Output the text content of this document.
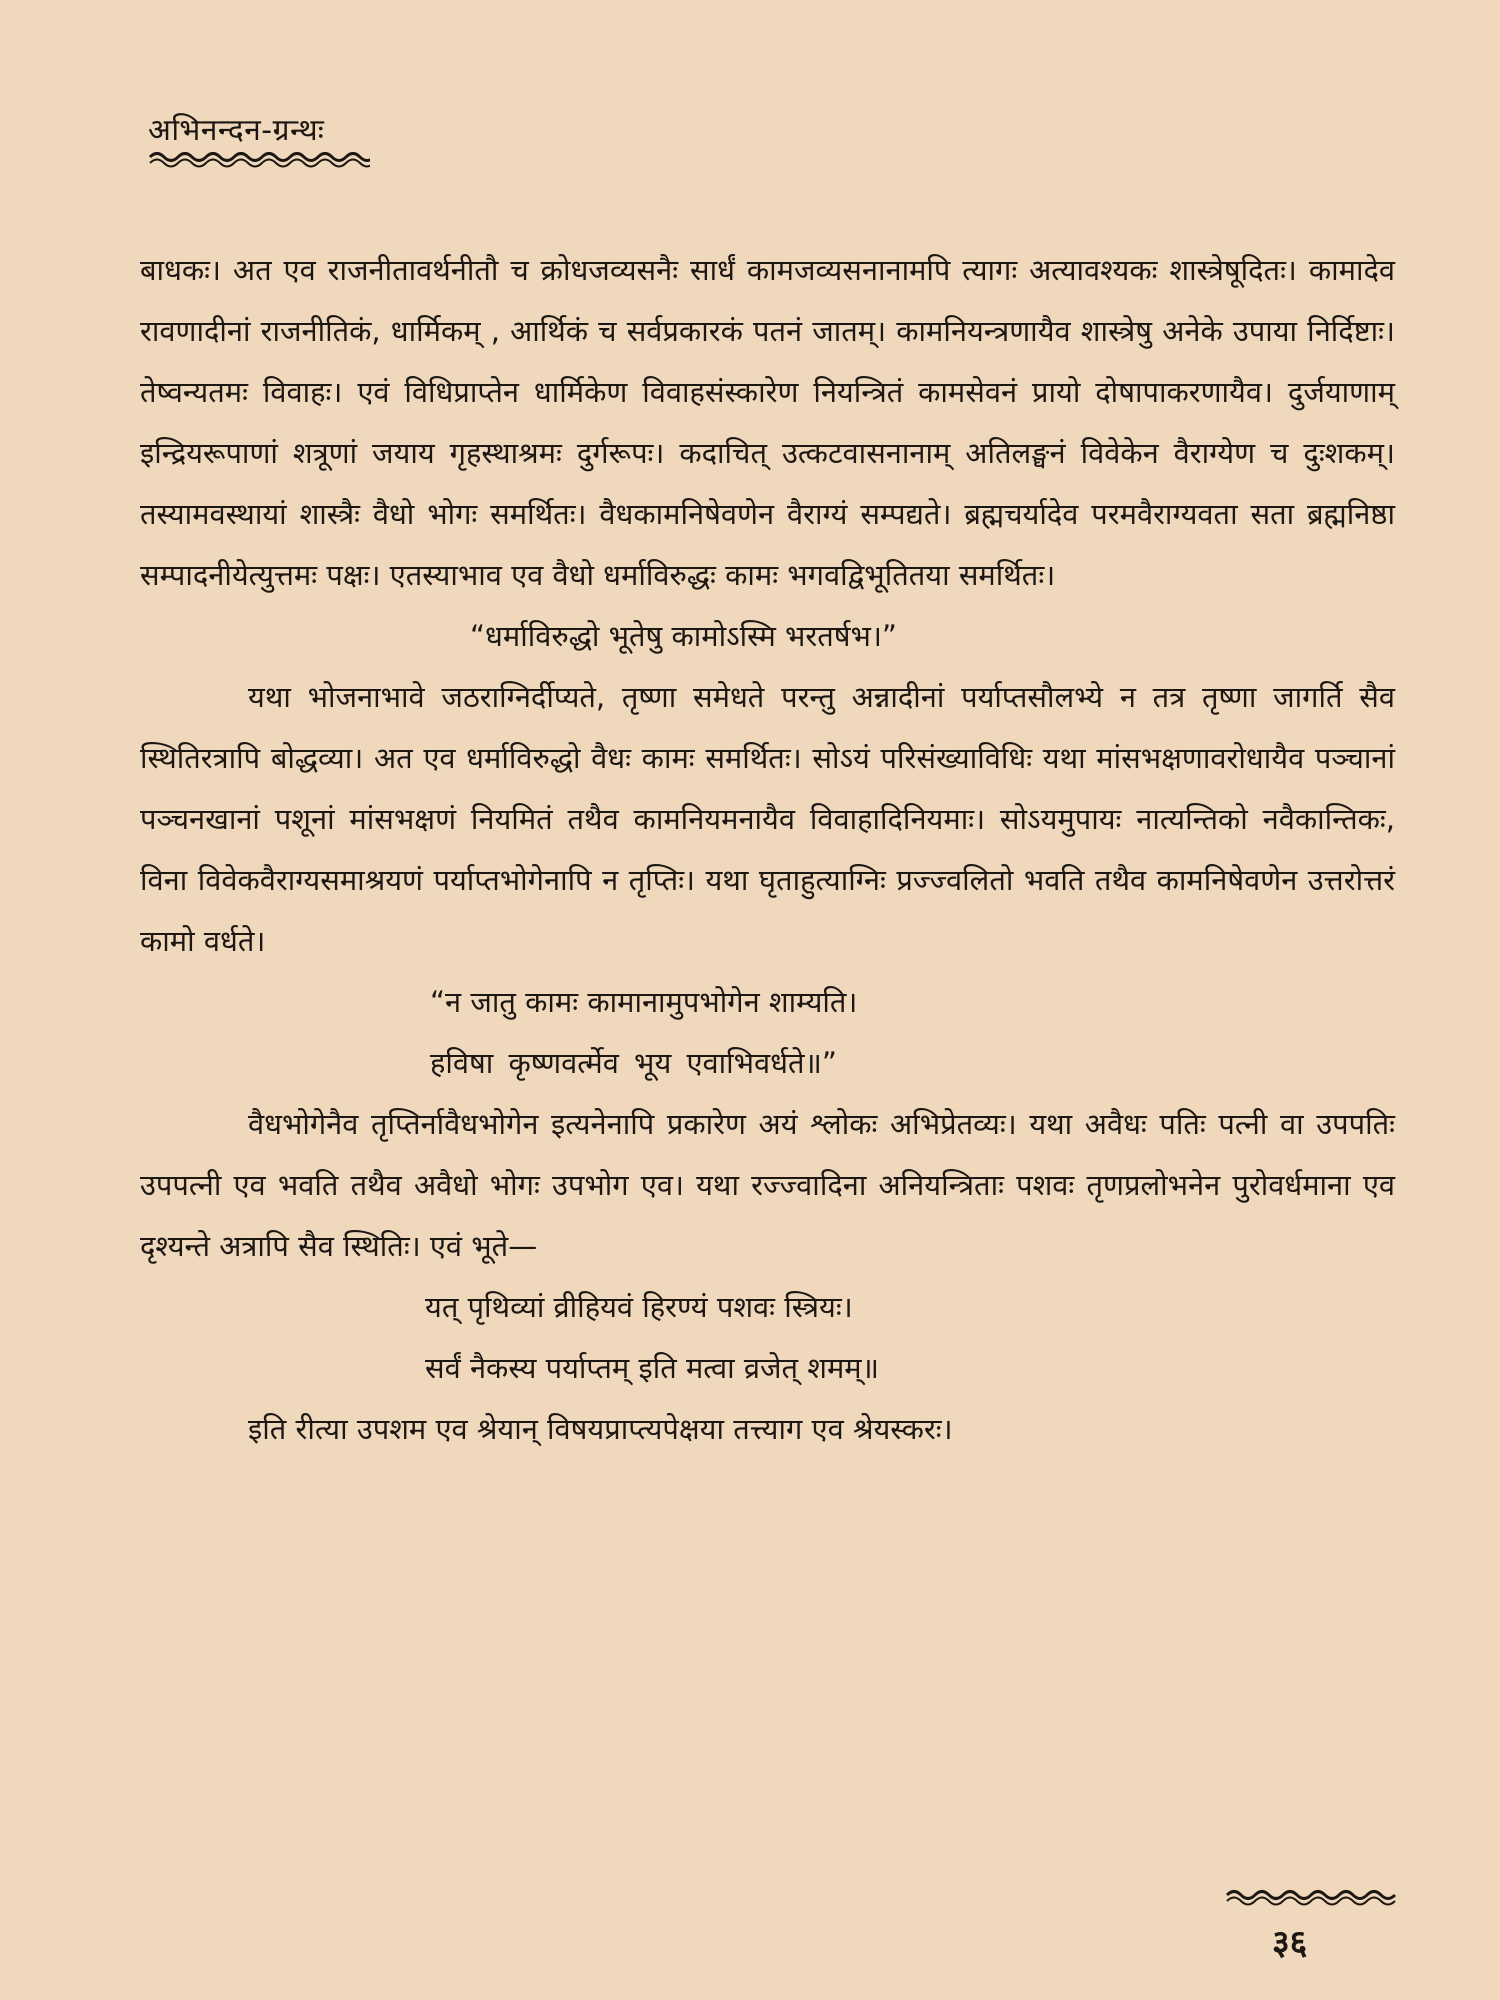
अभिनन्दन-ग्रन्थः

बाधकः। अत एव राजनीतावर्थनीतौ च क्रोधजव्यसनैः सार्धं कामजव्यसनानामपि त्यागः अत्यावश्यकः शास्त्रेषूदितः। कामादेव रावणादीनां राजनीतिकं, धार्मिकम् , आर्थिकं च सर्वप्रकारकं पतनं जातम्। कामनियन्त्रणायैव शास्त्रेषु अनेके उपाया निर्दिष्टाः। तेष्वन्यतमः विवाहः। एवं विधिप्राप्तेन धार्मिकेण विवाहसंस्कारेण नियन्त्रितं कामसेवनं प्रायो दोषापाकरणायैव। दुर्जयाणाम् इन्द्रियरूपाणां शत्रूणां जयाय गृहस्थाश्रमः दुर्गरूपः। कदाचित् उत्कटवासनानाम् अतिलङ्घनं विवेकेन वैराग्येण च दुःशकम्। तस्यामवस्थायां शास्त्रैः वैधो भोगः समर्थितः। वैधकामनिषेवणेन वैराग्यं सम्पद्यते। ब्रह्मचर्यादेव परमवैराग्यवता सता ब्रह्मनिष्ठा सम्पादनीयेत्युत्तमः पक्षः। एतस्याभाव एव वैधो धर्माविरुद्धः कामः भगवद्विभूतितया समर्थितः।

“धर्माविरुद्धो भूतेषु कामोऽस्मि भरतर्षभ।”

यथा भोजनाभावे जठराग्निर्दीप्यते, तृष्णा समेधते परन्तु अन्नादीनां पर्याप्तसौलभ्ये न तत्र तृष्णा जागर्ति सैव स्थितिरत्रापि बोद्धव्या। अत एव धर्माविरुद्धो वैधः कामः समर्थितः। सोऽयं परिसंख्याविधिः यथा मांसभक्षणावरोधायैव पञ्चानां पञ्चनखानां पशूनां मांसभक्षणं नियमितं तथैव कामनियमनायैव विवाहादिनियमाः। सोऽयमुपायः नात्यन्तिको नवैकान्तिकः, विना विवेकवैराग्यसमाश्रयणं पर्याप्तभोगेनापि न तृप्तिः। यथा घृताहुत्याग्निः प्रज्ज्वलितो भवति तथैव कामनिषेवणेन उत्तरोत्तरं कामो वर्धते।

“न जातु कामः कामानामुपभोगेन शाम्यति।

हविषा कृष्णवर्त्मेव भूय एवाभिवर्धते॥”

वैधभोगेनैव तृप्तिर्नावैधभोगेन इत्यनेनापि प्रकारेण अयं श्लोकः अभिप्रेतव्यः। यथा अवैधः पतिः पत्नी वा उपपतिः उपपत्नी एव भवति तथैव अवैधो भोगः उपभोग एव। यथा रज्ज्वादिना अनियन्त्रिताः पशवः तृणप्रलोभनेन पुरोवर्धमाना एव दृश्यन्ते अत्रापि सैव स्थितिः। एवं भूते—

यत् पृथिव्यां व्रीहियवं हिरण्यं पशवः स्त्रियः।

सर्वं नैकस्य पर्याप्तम् इति मत्वा व्रजेत् शमम्॥

इति रीत्या उपशम एव श्रेयान् विषयप्राप्त्यपेक्षया तत्त्याग एव श्रेयस्करः।

३६
